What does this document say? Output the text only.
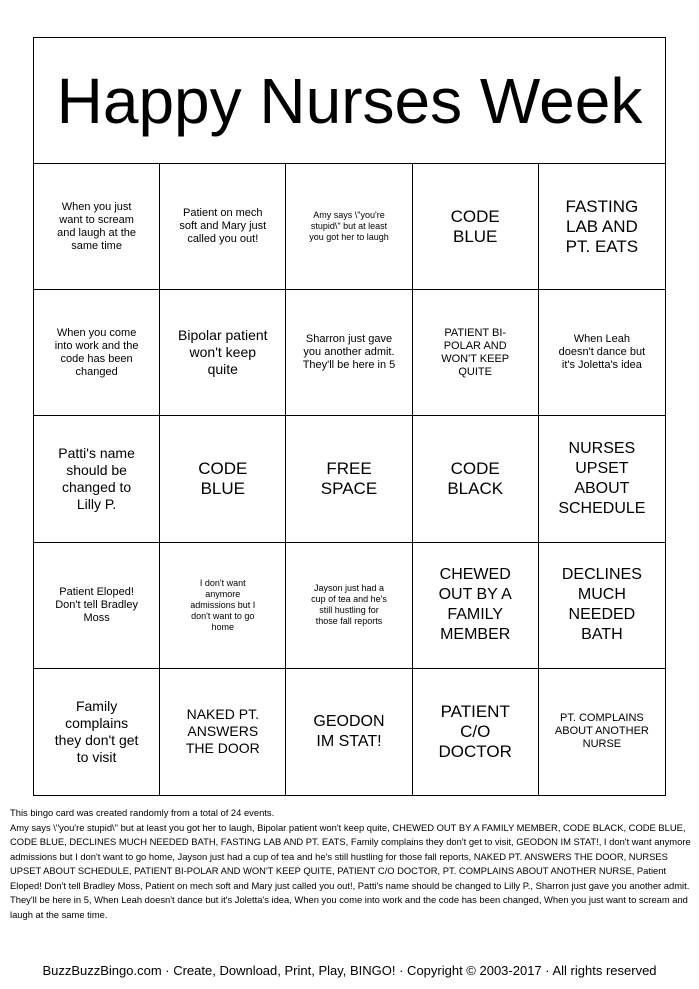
Happy Nurses Week
When you just want to scream and laugh at the same time
Patient on mech soft and Mary just called you out!
Amy says \"you're stupid\" but at least you got her to laugh
CODE BLUE
FASTING LAB AND PT. EATS
When you come into work and the code has been changed
Bipolar patient won't keep quite
Sharron just gave you another admit. They'll be here in 5
PATIENT BI-POLAR AND WON'T KEEP QUITE
When Leah doesn't dance but it's Joletta's idea
Patti's name should be changed to Lilly P.
CODE BLUE
FREE SPACE
CODE BLACK
NURSES UPSET ABOUT SCHEDULE
Patient Eloped! Don't tell Bradley Moss
I don't want anymore admissions but I don't want to go home
Jayson just had a cup of tea and he's still hustling for those fall reports
CHEWED OUT BY A FAMILY MEMBER
DECLINES MUCH NEEDED BATH
Family complains they don't get to visit
NAKED PT. ANSWERS THE DOOR
GEODON IM STAT!
PATIENT C/O DOCTOR
PT. COMPLAINS ABOUT ANOTHER NURSE
This bingo card was created randomly from a total of 24 events.
Amy says \"you're stupid\" but at least you got her to laugh, Bipolar patient won't keep quite, CHEWED OUT BY A FAMILY MEMBER, CODE BLACK, CODE BLUE, CODE BLUE, DECLINES MUCH NEEDED BATH, FASTING LAB AND PT. EATS, Family complains they don't get to visit, GEODON IM STAT!, I don't want anymore admissions but I don't want to go home, Jayson just had a cup of tea and he's still hustling for those fall reports, NAKED PT. ANSWERS THE DOOR, NURSES UPSET ABOUT SCHEDULE, PATIENT BI-POLAR AND WON'T KEEP QUITE, PATIENT C/O DOCTOR, PT. COMPLAINS ABOUT ANOTHER NURSE, Patient Eloped! Don't tell Bradley Moss, Patient on mech soft and Mary just called you out!, Patti's name should be changed to Lilly P., Sharron just gave you another admit. They'll be here in 5, When Leah doesn't dance but it's Joletta's idea, When you come into work and the code has been changed, When you just want to scream and laugh at the same time.
BuzzBuzzBingo.com · Create, Download, Print, Play, BINGO! · Copyright © 2003-2017 · All rights reserved
